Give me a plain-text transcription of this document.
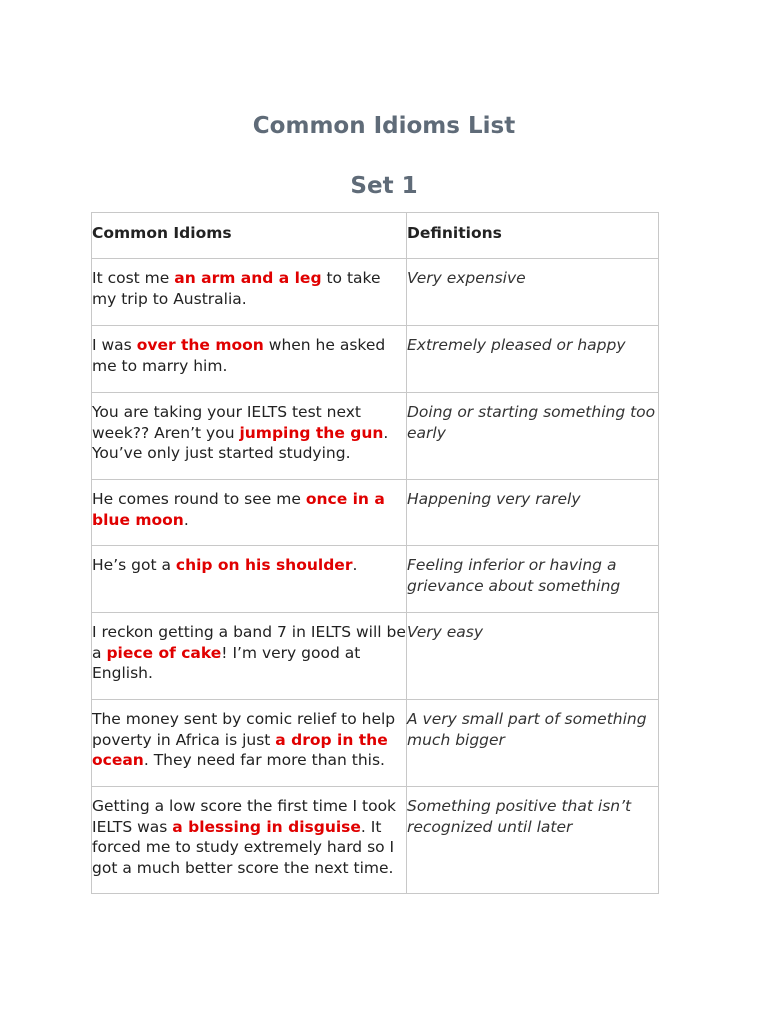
Common Idioms List
Set 1
Common Idioms	Definitions
It cost me an arm and a leg to take my trip to Australia.	Very expensive
I was over the moon when he asked me to marry him.	Extremely pleased or happy
You are taking your IELTS test next week?? Aren’t you jumping the gun. You’ve only just started studying.	Doing or starting something too early
He comes round to see me once in a blue moon.	Happening very rarely
He’s got a chip on his shoulder.	Feeling inferior or having a grievance about something
I reckon getting a band 7 in IELTS will be a piece of cake! I’m very good at English.	Very easy
The money sent by comic relief to help poverty in Africa is just a drop in the ocean. They need far more than this.	A very small part of something much bigger
Getting a low score the first time I took IELTS was a blessing in disguise. It forced me to study extremely hard so I got a much better score the next time.	Something positive that isn’t recognized until later
